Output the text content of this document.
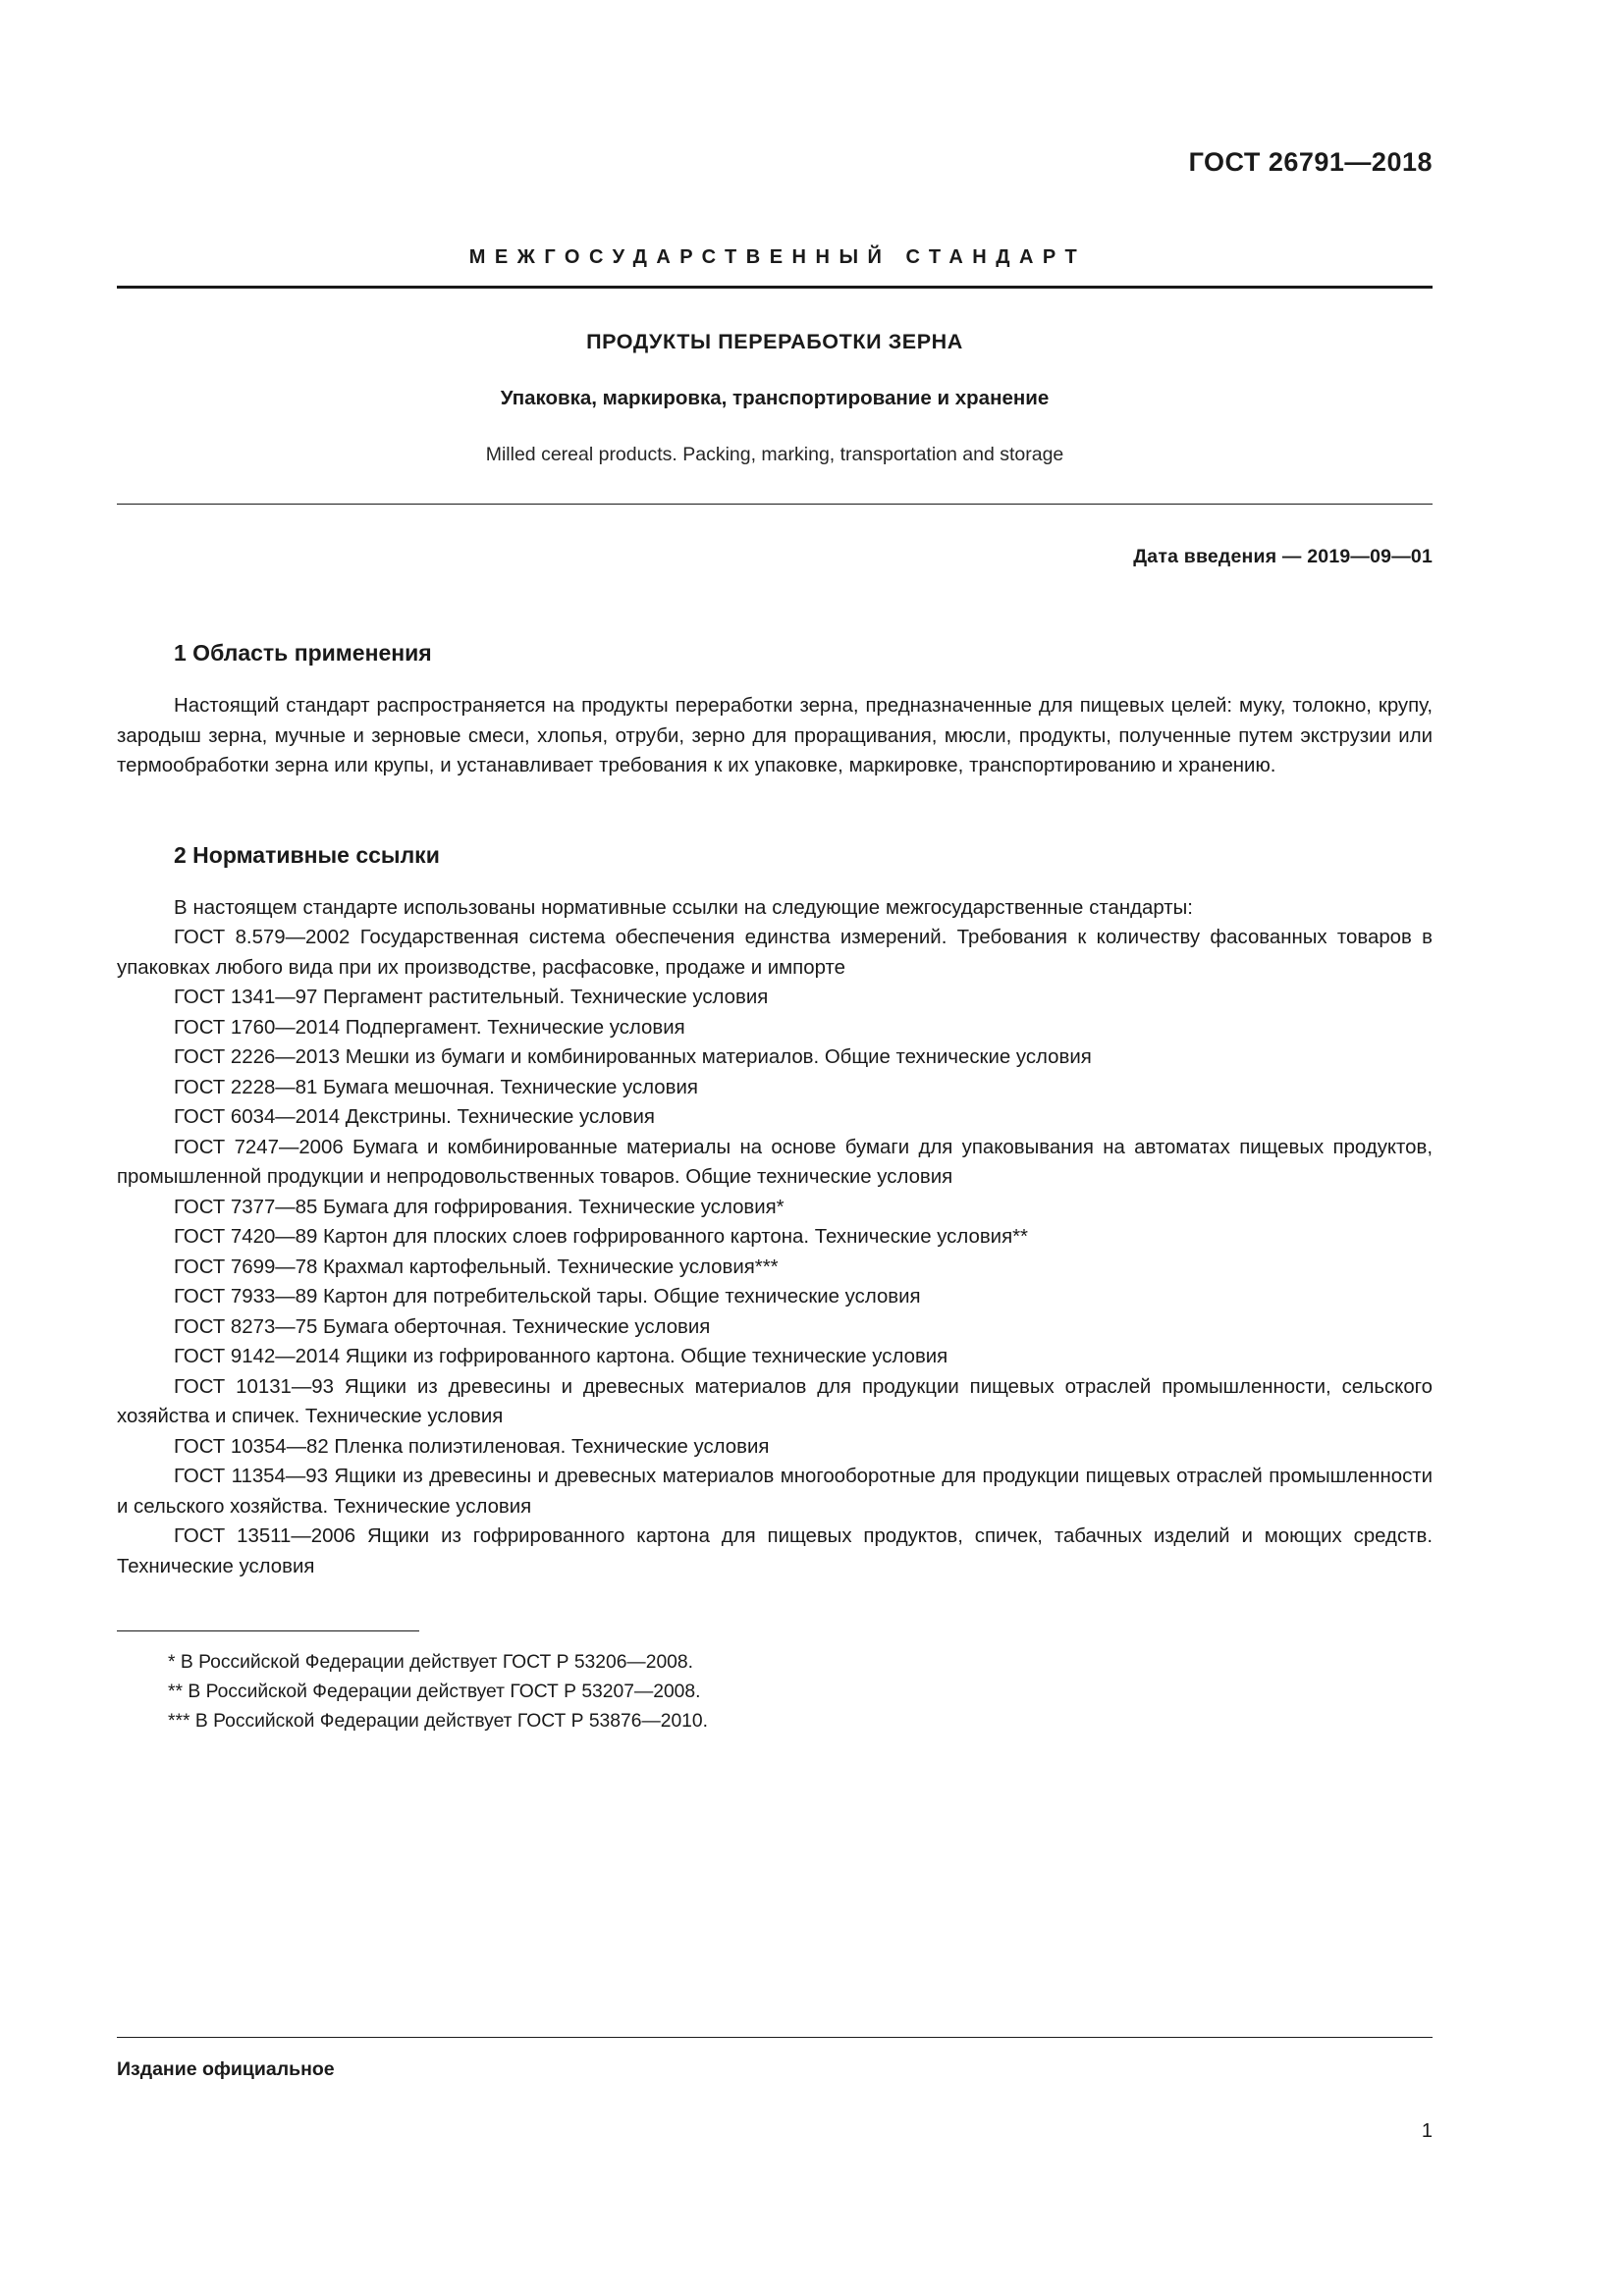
ГОСТ 26791—2018
МЕЖГОСУДАРСТВЕННЫЙ СТАНДАРТ
ПРОДУКТЫ ПЕРЕРАБОТКИ ЗЕРНА
Упаковка, маркировка, транспортирование и хранение
Milled cereal products. Packing, marking, transportation and storage
Дата введения — 2019—09—01
1 Область применения

Настоящий стандарт распространяется на продукты переработки зерна, предназначенные для пищевых целей: муку, толокно, крупу, зародыш зерна, мучные и зерновые смеси, хлопья, отруби, зерно для проращивания, мюсли, продукты, полученные путем экструзии или термообработки зерна или крупы, и устанавливает требования к их упаковке, маркировке, транспортированию и хранению.

2 Нормативные ссылки

В настоящем стандарте использованы нормативные ссылки на следующие межгосударственные стандарты:

ГОСТ 8.579—2002 Государственная система обеспечения единства измерений. Требования к количеству фасованных товаров в упаковках любого вида при их производстве, расфасовке, продаже и импорте

ГОСТ 1341—97 Пергамент растительный. Технические условия

ГОСТ 1760—2014 Подпергамент. Технические условия

ГОСТ 2226—2013 Мешки из бумаги и комбинированных материалов. Общие технические условия

ГОСТ 2228—81 Бумага мешочная. Технические условия

ГОСТ 6034—2014 Декстрины. Технические условия

ГОСТ 7247—2006 Бумага и комбинированные материалы на основе бумаги для упаковывания на автоматах пищевых продуктов, промышленной продукции и непродовольственных товаров. Общие технические условия

ГОСТ 7377—85 Бумага для гофрирования. Технические условия*

ГОСТ 7420—89 Картон для плоских слоев гофрированного картона. Технические условия**

ГОСТ 7699—78 Крахмал картофельный. Технические условия***

ГОСТ 7933—89 Картон для потребительской тары. Общие технические условия

ГОСТ 8273—75 Бумага оберточная. Технические условия

ГОСТ 9142—2014 Ящики из гофрированного картона. Общие технические условия

ГОСТ 10131—93 Ящики из древесины и древесных материалов для продукции пищевых отраслей промышленности, сельского хозяйства и спичек. Технические условия

ГОСТ 10354—82 Пленка полиэтиленовая. Технические условия

ГОСТ 11354—93 Ящики из древесины и древесных материалов многооборотные для продукции пищевых отраслей промышленности и сельского хозяйства. Технические условия

ГОСТ 13511—2006 Ящики из гофрированного картона для пищевых продуктов, спичек, табачных изделий и моющих средств. Технические условия

* В Российской Федерации действует ГОСТ Р 53206—2008.

** В Российской Федерации действует ГОСТ Р 53207—2008.

*** В Российской Федерации действует ГОСТ Р 53876—2010.

Издание официальное
1
